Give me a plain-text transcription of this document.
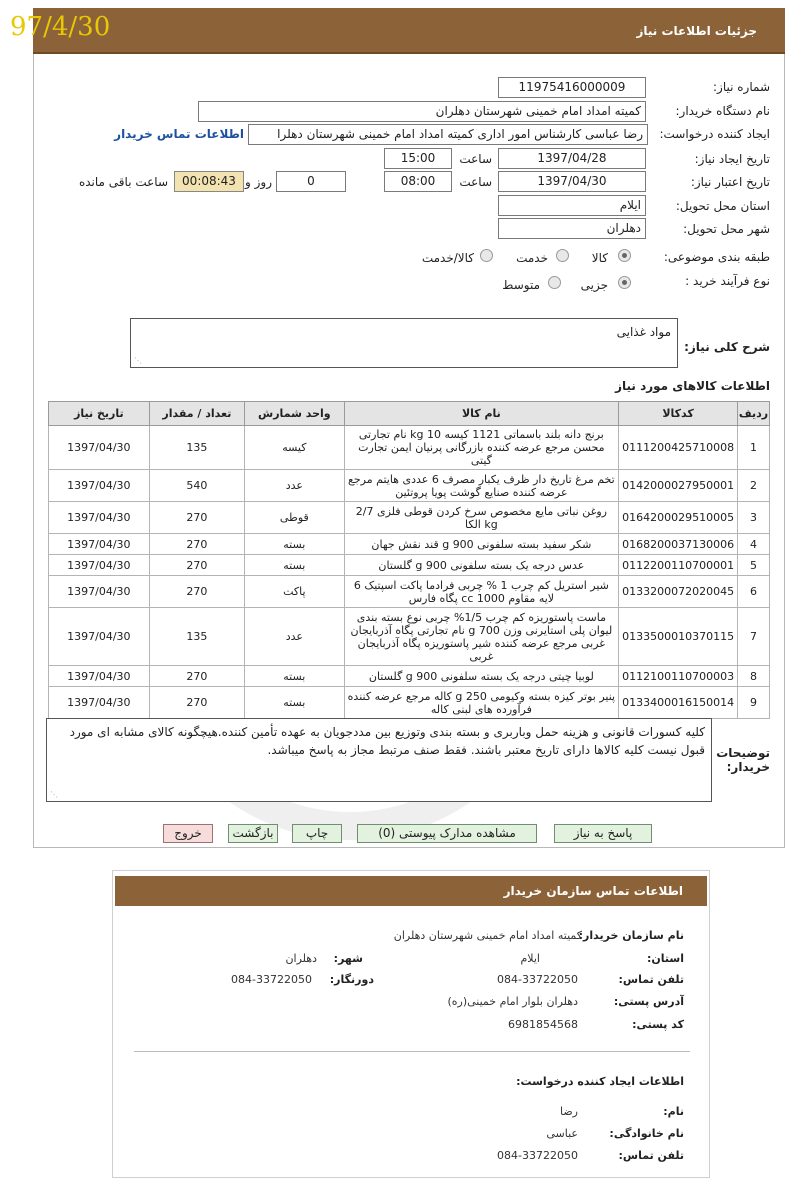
جزئیات اطلاعات نیاز
97/4/30
شماره نیاز:
11975416000009
نام دستگاه خریدار:
کمیته امداد امام خمینی شهرستان دهلران
ایجاد کننده درخواست:
رضا عباسی کارشناس امور اداری کمیته امداد امام خمینی شهرستان دهلرا
اطلاعات تماس خریدار
تاریخ ایجاد نیاز:
1397/04/28
ساعت
15:00
تاریخ اعتبار نیاز:
1397/04/30
ساعت
08:00
0
روز و
00:08:43
ساعت باقی مانده
استان محل تحویل:
ایلام
شهر محل تحویل:
دهلران
طبقه بندی موضوعی:
کالا
خدمت
کالا/خدمت
نوع فرآیند خرید :
جزیی
متوسط
شرح کلی نیاز:
مواد غذایی
⋰
اطلاعات کالاهای مورد نیاز
ردیف	کدکالا	نام کالا	واحد شمارش	تعداد / مقدار	تاریخ نیاز
1	0111200425710008	برنج دانه بلند باسماتی 1121 کیسه 10 kg نام تجارتی محسن مرجع عرضه کننده بازرگانی پرنیان ایمن تجارت گیتی	کیسه	135	1397/04/30
2	0142000027950001	تخم مرغ تاریخ دار ظرف یکبار مصرف 6 عددی هایتم مرجع عرضه کننده صنایع گوشت پویا پروتئین	عدد	540	1397/04/30
3	0164200029510005	روغن نباتی مایع مخصوص سرخ کردن قوطی فلزی 2/7 kg الکا	قوطی	270	1397/04/30
4	0168200037130006	شکر سفید بسته سلفونی 900 g قند نقش جهان	بسته	270	1397/04/30
5	0112200110700001	عدس درجه یک بسته سلفونی 900 g گلستان	بسته	270	1397/04/30
6	0133200072020045	شیر استریل کم چرب 1 % چربی فرادما پاکت اسپتیک 6 لایه مقاوم cc 1000 پگاه فارس	پاکت	270	1397/04/30
7	0133500010370115	ماست پاستوریزه کم چرب 1/5% چربی نوع بسته بندی لیوان پلی استایرنی وزن 700 g نام تجارتی پگاه آذربایجان غربی مرجع عرضه کننده شیر پاستوریزه پگاه آذربایجان غربی	عدد	135	1397/04/30
8	0112100110700003	لوبیا چیتی درجه یک بسته سلفونی 900 g گلستان	بسته	270	1397/04/30
9	0133400016150014	پنیر بوتر کیزه بسته وکیومی 250 g کاله مرجع عرضه کننده فرآورده های لبنی کاله	بسته	270	1397/04/30
توضیحات خریدار:
کلیه کسورات قانونی و هزینه حمل وباربری و بسته بندی وتوزیع بین مددجویان به عهده تأمین کننده.هیچگونه کالای مشابه ای مورد قبول نیست کلیه کالاها دارای تاریخ معتبر باشند. فقط صنف مرتبط مجاز به پاسخ میباشد.
⋰
پاسخ به نیاز
مشاهده مدارک پیوستی (0)
چاپ
بازگشت
خروج
اطلاعات تماس سازمان خریدار
نام سازمان خریدار:
کمیته امداد امام خمینی شهرستان دهلران
استان:
ایلام
شهر:
دهلران
تلفن تماس:
084-33722050
دورنگار:
084-33722050
آدرس پستی:
دهلران بلوار امام خمینی(ره)
کد پستی:
6981854568
اطلاعات ایجاد کننده درخواست:
نام:
رضا
نام خانوادگی:
عباسی
تلفن تماس:
084-33722050
